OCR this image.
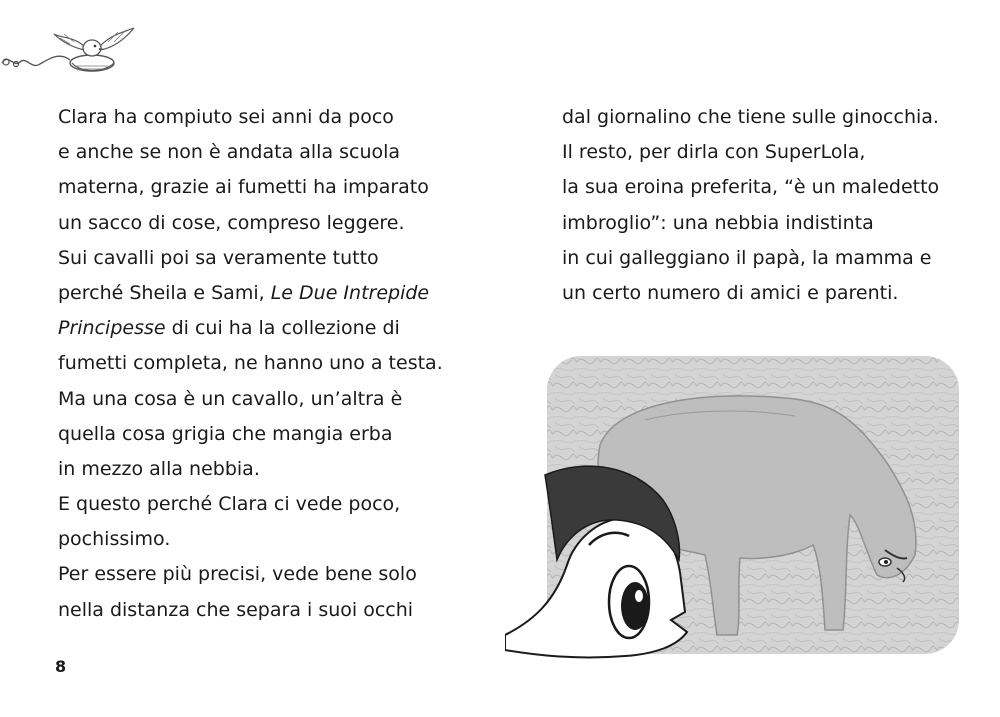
Clara ha compiuto sei anni da poco
e anche se non è andata alla scuola
materna, grazie ai fumetti ha imparato
un sacco di cose, compreso leggere.
Sui cavalli poi sa veramente tutto
perché Sheila e Sami, Le Due Intrepide
Principesse di cui ha la collezione di
fumetti completa, ne hanno uno a testa.
Ma una cosa è un cavallo, un’altra è
quella cosa grigia che mangia erba
in mezzo alla nebbia.
E questo perché Clara ci vede poco,
pochissimo.
Per essere più precisi, vede bene solo
nella distanza che separa i suoi occhi
dal giornalino che tiene sulle ginocchia.
Il resto, per dirla con SuperLola,
la sua eroina preferita, “è un maledetto
imbroglio”: una nebbia indistinta
in cui galleggiano il papà, la mamma e
un certo numero di amici e parenti.
8
